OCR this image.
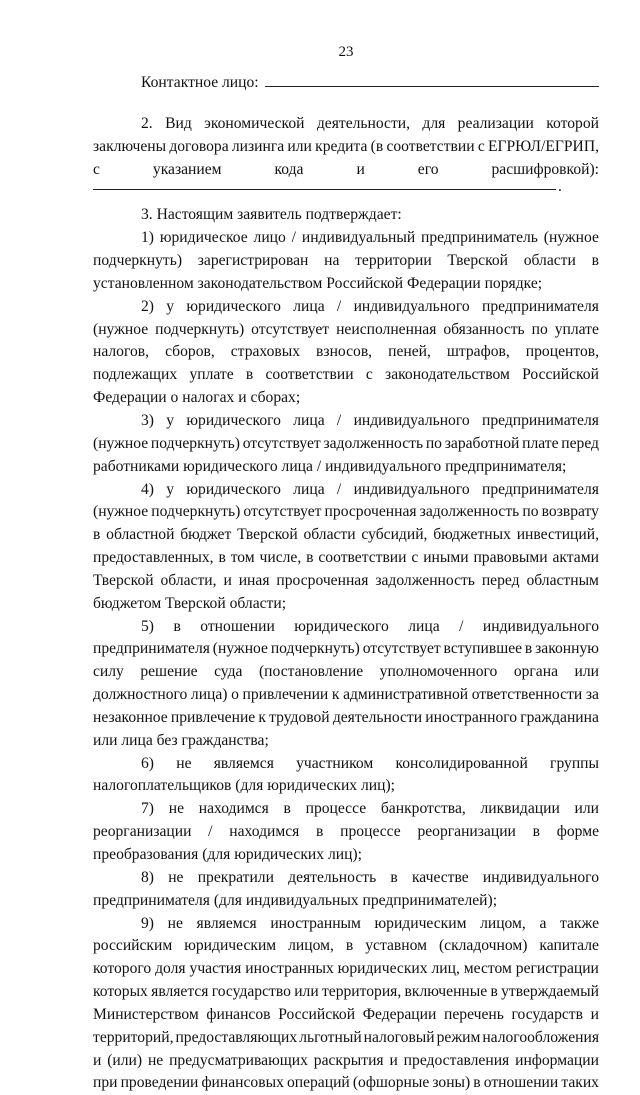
23
Контактное лицо:
2. Вид экономической деятельности, для реализации которой
заключены договора лизинга или кредита (в соответствии с ЕГРЮЛ/ЕГРИП,
с	указанием	кода	и	его	расшифровкой):
.
3. Настоящим заявитель подтверждает:
1) юридическое лицо / индивидуальный предприниматель (нужное
подчеркнуть) зарегистрирован на территории Тверской области в
установленном законодательством Российской Федерации порядке;
2) у юридического лица / индивидуального предпринимателя
(нужное подчеркнуть) отсутствует неисполненная обязанность по уплате
налогов, сборов, страховых взносов, пеней, штрафов, процентов,
подлежащих уплате в соответствии с законодательством Российской
Федерации о налогах и сборах;
3) у юридического лица / индивидуального предпринимателя
(нужное подчеркнуть) отсутствует задолженность по заработной плате перед
работниками юридического лица / индивидуального предпринимателя;
4) у юридического лица / индивидуального предпринимателя
(нужное подчеркнуть) отсутствует просроченная задолженность по возврату
в областной бюджет Тверской области субсидий, бюджетных инвестиций,
предоставленных, в том числе, в соответствии с иными правовыми актами
Тверской области, и иная просроченная задолженность перед областным
бюджетом Тверской области;
5) в отношении юридического лица / индивидуального
предпринимателя (нужное подчеркнуть) отсутствует вступившее в законную
силу решение суда (постановление уполномоченного органа или
должностного лица) о привлечении к административной ответственности за
незаконное привлечение к трудовой деятельности иностранного гражданина
или лица без гражданства;
6) не являемся участником консолидированной группы
налогоплательщиков (для юридических лиц);
7) не находимся в процессе банкротства, ликвидации или
реорганизации / находимся в процессе реорганизации в форме
преобразования (для юридических лиц);
8) не прекратили деятельность в качестве индивидуального
предпринимателя (для индивидуальных предпринимателей);
9) не являемся иностранным юридическим лицом, а также
российским юридическим лицом, в уставном (складочном) капитале
которого доля участия иностранных юридических лиц, местом регистрации
которых является государство или территория, включенные в утверждаемый
Министерством финансов Российской Федерации перечень государств и
территорий, предоставляющих льготный налоговый режим налогообложения
и (или) не предусматривающих раскрытия и предоставления информации
при проведении финансовых операций (офшорные зоны) в отношении таких
